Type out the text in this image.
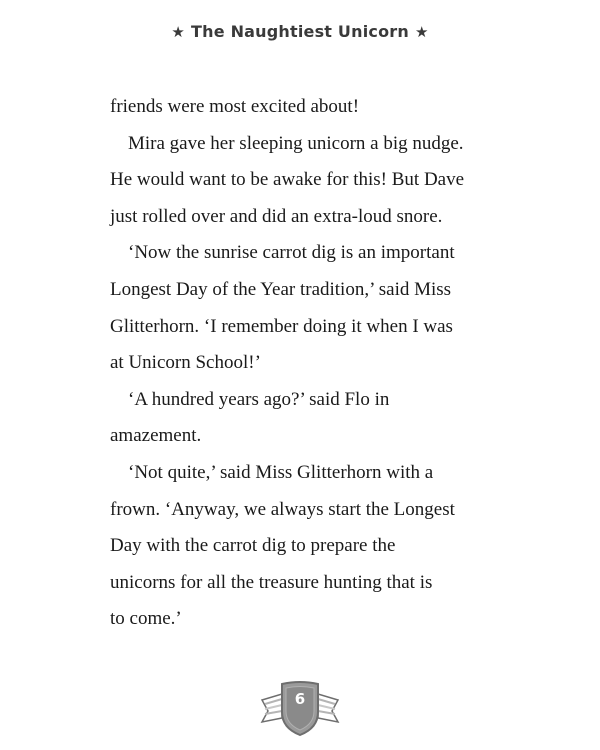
★ The Naughtiest Unicorn ★

friends were most excited about!

Mira gave her sleeping unicorn a big nudge.

He would want to be awake for this! But Dave

just rolled over and did an extra-loud snore.

‘Now the sunrise carrot dig is an important

Longest Day of the Year tradition,’ said Miss

Glitterhorn. ‘I remember doing it when I was

at Unicorn School!’

‘A hundred years ago?’ said Flo in

amazement.

‘Not quite,’ said Miss Glitterhorn with a

frown. ‘Anyway, we always start the Longest

Day with the carrot dig to prepare the

unicorns for all the treasure hunting that is

to come.’

6
